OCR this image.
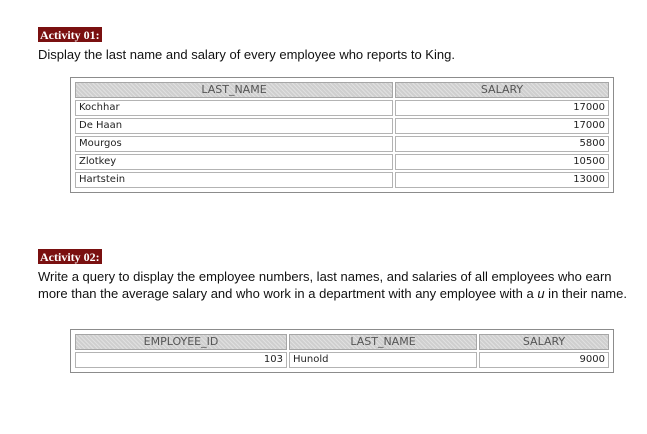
Activity 01:
Display the last name and salary of every employee who reports to King.
LAST_NAME	SALARY
Kochhar	17000
De Haan	17000
Mourgos	5800
Zlotkey	10500
Hartstein	13000
Activity 02:
Write a query to display the employee numbers, last names, and salaries of all employees who earn more than the average salary and who work in a department with any employee with a u in their name.
EMPLOYEE_ID	LAST_NAME	SALARY
103	Hunold	9000
